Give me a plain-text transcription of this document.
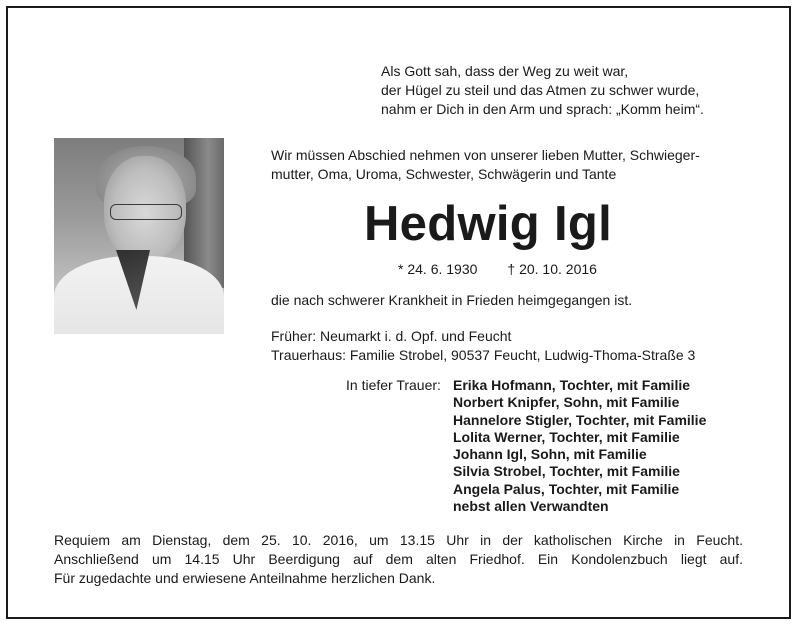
Als Gott sah, dass der Weg zu weit war,
der Hügel zu steil und das Atmen zu schwer wurde,
nahm er Dich in den Arm und sprach: „Komm heim“.
Wir müssen Abschied nehmen von unserer lieben Mutter, Schwieger-
mutter, Oma, Uroma, Schwester, Schwägerin und Tante
Hedwig Igl
* 24. 6. 1930 † 20. 10. 2016
die nach schwerer Krankheit in Frieden heimgegangen ist.
Früher: Neumarkt i. d. Opf. und Feucht
Trauerhaus: Familie Strobel, 90537 Feucht, Ludwig-Thoma-Straße 3
In tiefer Trauer: Erika Hofmann, Tochter, mit Familie
Norbert Knipfer, Sohn, mit Familie
Hannelore Stigler, Tochter, mit Familie
Lolita Werner, Tochter, mit Familie
Johann Igl, Sohn, mit Familie
Silvia Strobel, Tochter, mit Familie
Angela Palus, Tochter, mit Familie
nebst allen Verwandten
Requiem am Dienstag, dem 25. 10. 2016, um 13.15 Uhr in der katholischen Kirche in Feucht.
Anschließend um 14.15 Uhr Beerdigung auf dem alten Friedhof. Ein Kondolenzbuch liegt auf.
Für zugedachte und erwiesene Anteilnahme herzlichen Dank.
